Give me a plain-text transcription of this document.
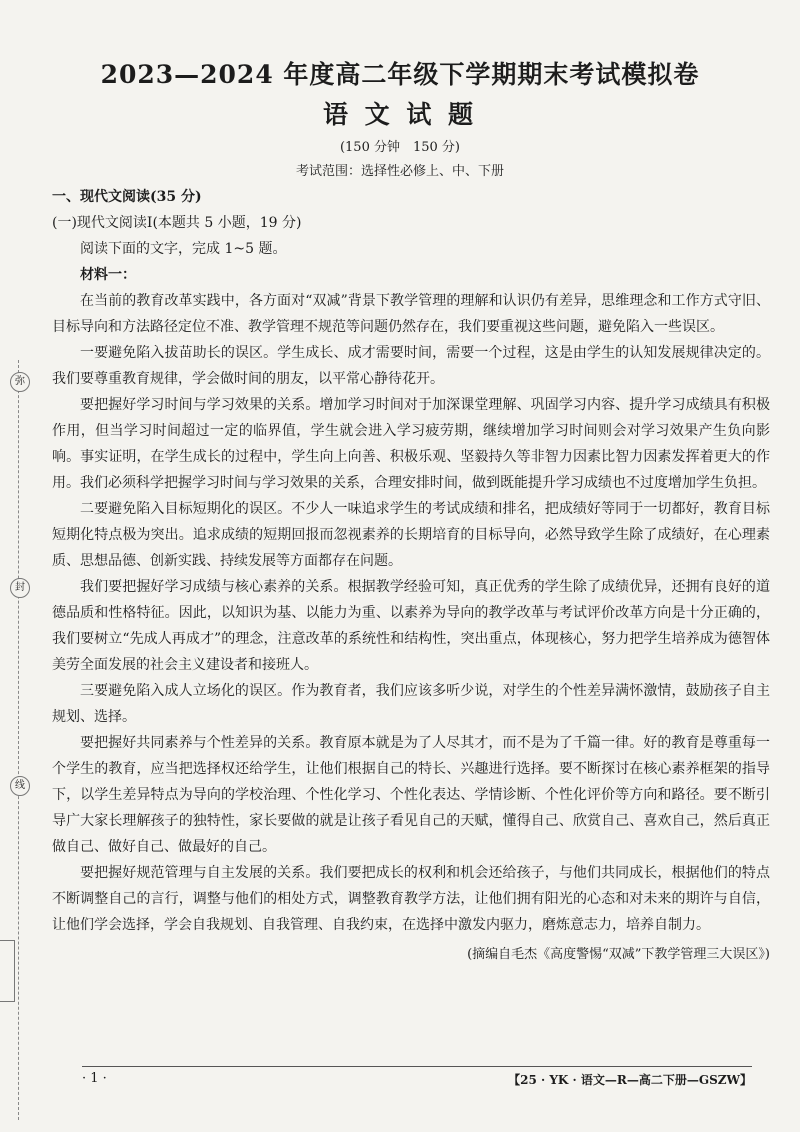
弥
封
线
2023—2024 年度高二年级下学期期末考试模拟卷
语 文 试 题
(150 分钟　150 分)
考试范围：选择性必修上、中、下册
一、现代文阅读(35 分)
(一)现代文阅读Ⅰ(本题共 5 小题，19 分)
阅读下面的文字，完成 1~5 题。
材料一：

在当前的教育改革实践中，各方面对“双减”背景下教学管理的理解和认识仍有差异，思维理念和工作方式守旧、目标导向和方法路径定位不准、教学管理不规范等问题仍然存在，我们要重视这些问题，避免陷入一些误区。

一要避免陷入拔苗助长的误区。学生成长、成才需要时间，需要一个过程，这是由学生的认知发展规律决定的。我们要尊重教育规律，学会做时间的朋友，以平常心静待花开。

要把握好学习时间与学习效果的关系。增加学习时间对于加深课堂理解、巩固学习内容、提升学习成绩具有积极作用，但当学习时间超过一定的临界值，学生就会进入学习疲劳期，继续增加学习时间则会对学习效果产生负向影响。事实证明，在学生成长的过程中，学生向上向善、积极乐观、坚毅持久等非智力因素比智力因素发挥着更大的作用。我们必须科学把握学习时间与学习效果的关系，合理安排时间，做到既能提升学习成绩也不过度增加学生负担。

二要避免陷入目标短期化的误区。不少人一味追求学生的考试成绩和排名，把成绩好等同于一切都好，教育目标短期化特点极为突出。追求成绩的短期回报而忽视素养的长期培育的目标导向，必然导致学生除了成绩好，在心理素质、思想品德、创新实践、持续发展等方面都存在问题。

我们要把握好学习成绩与核心素养的关系。根据教学经验可知，真正优秀的学生除了成绩优异，还拥有良好的道德品质和性格特征。因此，以知识为基、以能力为重、以素养为导向的教学改革与考试评价改革方向是十分正确的，我们要树立“先成人再成才”的理念，注意改革的系统性和结构性，突出重点，体现核心，努力把学生培养成为德智体美劳全面发展的社会主义建设者和接班人。

三要避免陷入成人立场化的误区。作为教育者，我们应该多听少说，对学生的个性差异满怀激情，鼓励孩子自主规划、选择。

要把握好共同素养与个性差异的关系。教育原本就是为了人尽其才，而不是为了千篇一律。好的教育是尊重每一个学生的教育，应当把选择权还给学生，让他们根据自己的特长、兴趣进行选择。要不断探讨在核心素养框架的指导下，以学生差异特点为导向的学校治理、个性化学习、个性化表达、学情诊断、个性化评价等方向和路径。要不断引导广大家长理解孩子的独特性，家长要做的就是让孩子看见自己的天赋，懂得自己、欣赏自己、喜欢自己，然后真正做自己、做好自己、做最好的自己。

要把握好规范管理与自主发展的关系。我们要把成长的权利和机会还给孩子，与他们共同成长，根据他们的特点不断调整自己的言行，调整与他们的相处方式，调整教育教学方法，让他们拥有阳光的心态和对未来的期许与自信，让他们学会选择，学会自我规划、自我管理、自我约束，在选择中激发内驱力，磨炼意志力，培养自制力。

(摘编自毛杰《高度警惕“双减”下教学管理三大误区》)
· 1 ·	【25 · YK · 语文—R—高二下册—GSZW】
